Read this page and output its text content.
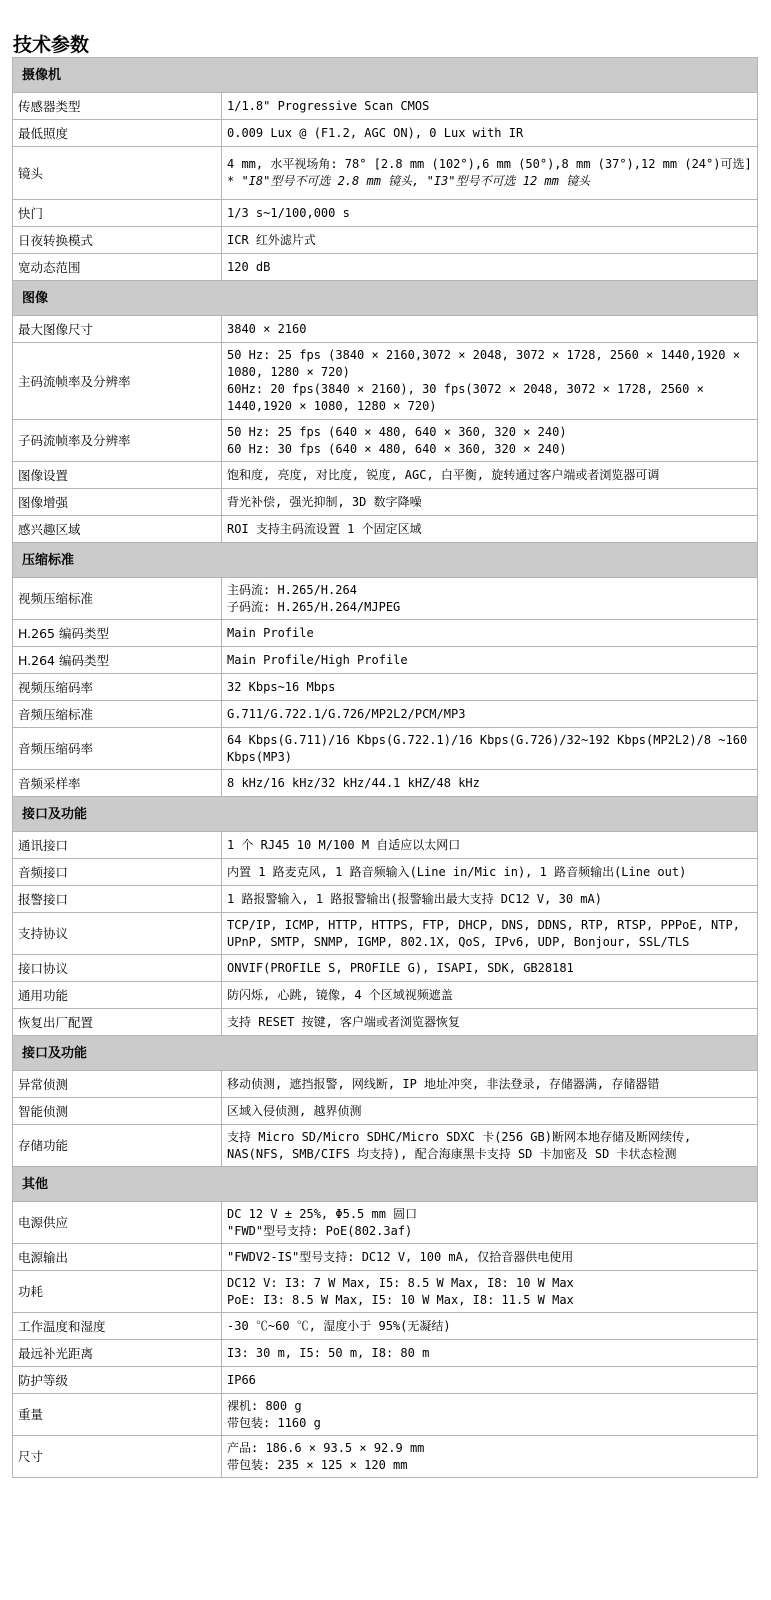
技术参数
摄像机	
传感器类型	1/1.8" Progressive Scan CMOS

最低照度	0.009 Lux @ (F1.2, AGC ON), 0 Lux with IR

镜头	4 mm, 水平视场角: 78° [2.8 mm (102°),6 mm (50°),8 mm (37°),12 mm (24°)可选]
* "I8"型号不可选 2.8 mm 镜头, "I3"型号不可选 12 mm 镜头

快门	1/3 s~1/100,000 s

日夜转换模式	ICR 红外滤片式

宽动态范围	120 dB

图像	
最大图像尺寸	3840 × 2160

主码流帧率及分辨率	50 Hz: 25 fps (3840 × 2160,3072 × 2048, 3072 × 1728, 2560 × 1440,1920 × 1080, 1280 × 720)
60Hz: 20 fps(3840 × 2160), 30 fps(3072 × 2048, 3072 × 1728, 2560 × 1440,1920 × 1080, 1280 × 720)

子码流帧率及分辨率	50 Hz: 25 fps (640 × 480, 640 × 360, 320 × 240)
60 Hz: 30 fps (640 × 480, 640 × 360, 320 × 240)

图像设置	饱和度, 亮度, 对比度, 锐度, AGC, 白平衡, 旋转通过客户端或者浏览器可调

图像增强	背光补偿, 强光抑制, 3D 数字降噪

感兴趣区域	ROI 支持主码流设置 1 个固定区域

压缩标准	
视频压缩标准	主码流: H.265/H.264
子码流: H.265/H.264/MJPEG

H.265 编码类型	Main Profile

H.264 编码类型	Main Profile/High Profile

视频压缩码率	32 Kbps~16 Mbps

音频压缩标准	G.711/G.722.1/G.726/MP2L2/PCM/MP3

音频压缩码率	64 Kbps(G.711)/16 Kbps(G.722.1)/16 Kbps(G.726)/32~192 Kbps(MP2L2)/8 ~160 Kbps(MP3)

音频采样率	8 kHz/16 kHz/32 kHz/44.1 kHZ/48 kHz

接口及功能	
通讯接口	1 个 RJ45 10 M/100 M 自适应以太网口

音频接口	内置 1 路麦克风, 1 路音频输入(Line in/Mic in), 1 路音频输出(Line out)

报警接口	1 路报警输入, 1 路报警输出(报警输出最大支持 DC12 V, 30 mA)

支持协议	TCP/IP, ICMP, HTTP, HTTPS, FTP, DHCP, DNS, DDNS, RTP, RTSP, PPPoE, NTP, UPnP, SMTP, SNMP, IGMP, 802.1X, QoS, IPv6, UDP, Bonjour, SSL/TLS

接口协议	ONVIF(PROFILE S, PROFILE G), ISAPI, SDK, GB28181

通用功能	防闪烁, 心跳, 镜像, 4 个区域视频遮盖

恢复出厂配置	支持 RESET 按键, 客户端或者浏览器恢复

接口及功能	
异常侦测	移动侦测, 遮挡报警, 网线断, IP 地址冲突, 非法登录, 存储器满, 存储器错

智能侦测	区域入侵侦测, 越界侦测

存储功能	支持 Micro SD/Micro SDHC/Micro SDXC 卡(256 GB)断网本地存储及断网续传, NAS(NFS, SMB/CIFS 均支持), 配合海康黑卡支持 SD 卡加密及 SD 卡状态检测

其他	
电源供应	DC 12 V ± 25%, Φ5.5 mm 圆口
"FWD"型号支持: PoE(802.3af)

电源输出	"FWDV2-IS"型号支持: DC12 V, 100 mA, 仅拾音器供电使用

功耗	DC12 V: I3: 7 W Max, I5: 8.5 W Max, I8: 10 W Max
PoE: I3: 8.5 W Max, I5: 10 W Max, I8: 11.5 W Max

工作温度和湿度	-30 ℃~60 ℃, 湿度小于 95%(无凝结)

最远补光距离	I3: 30 m, I5: 50 m, I8: 80 m

防护等级	IP66

重量	裸机: 800 g
带包装: 1160 g

尺寸	产品: 186.6 × 93.5 × 92.9 mm
带包装: 235 × 125 × 120 mm
